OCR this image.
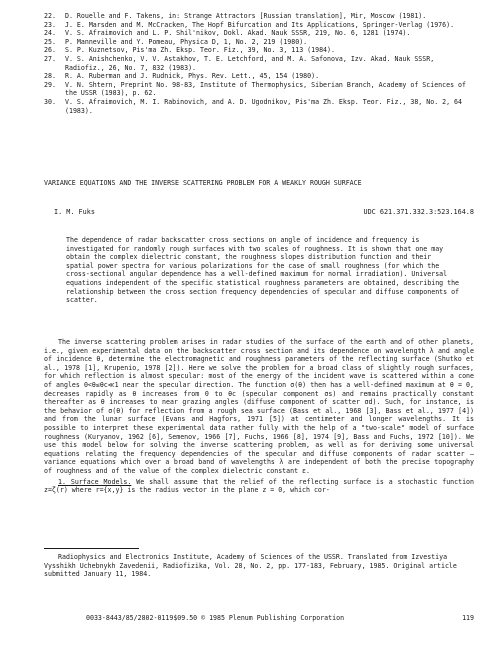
22.	D. Rouelle and F. Takens, in: Strange Attractors [Russian translation], Mir, Moscow (1981).
23.	J. E. Marsden and M. McCracken, The Hopf Bifurcation and Its Applications, Springer-Verlag (1976).
24.	V. S. Afraimovich and L. P. Shil'nikov, Dokl. Akad. Nauk SSSR, 219, No. 6, 1281 (1974).
25.	P. Manneville and Y. Pomeau, Physica D, 1, No. 2, 219 (1980).
26.	S. P. Kuznetsov, Pis'ma Zh. Eksp. Teor. Fiz., 39, No. 3, 113 (1984).
27.	V. S. Anishchenko, V. V. Astakhov, T. E. Letchford, and M. A. Safonova, Izv. Akad. Nauk SSSR, Radiofiz., 26, No. 7, 832 (1983).
28.	R. A. Ruberman and J. Rudnick, Phys. Rev. Lett., 45, 154 (1980).
29.	V. N. Shtern, Preprint No. 98-83, Institute of Thermophysics, Siberian Branch, Academy of Sciences of the USSR (1983), p. 62.
30.	V. S. Afraimovich, M. I. Rabinovich, and A. D. Ugodnikov, Pis'ma Zh. Eksp. Teor. Fiz., 38, No. 2, 64 (1983).
VARIANCE EQUATIONS AND THE INVERSE SCATTERING PROBLEM FOR A WEAKLY ROUGH SURFACE
I. M. Fuks	UDC 621.371.332.3:523.164.8
The dependence of radar backscatter cross sections on angle of incidence and frequency is investigated for randomly rough surfaces with two scales of roughness. It is shown that one may obtain the complex dielectric constant, the roughness slopes distribution function and their spatial power spectra for various polarizations for the case of small roughness (for which the cross-sectional angular dependence has a well-defined maximum for normal irradiation). Universal equations independent of the specific statistical roughness parameters are obtained, describing the relationship between the cross section frequency dependencies of specular and diffuse components of scatter.

The inverse scattering problem arises in radar studies of the surface of the earth and of other planets, i.e., given experimental data on the backscatter cross section and its dependence on wavelength λ and angle of incidence θ, determine the electromagnetic and roughness parameters of the reflecting surface (Shutko et al., 1978 [1], Krupenio, 1978 [2]). Here we solve the problem for a broad class of slightly rough surfaces, for which reflection is almost specular: most of the energy of the incident wave is scattered within a cone of angles 0<θ≤θc≪1 near the specular direction. The function σ(θ) then has a well-defined maximum at θ = 0, decreases rapidly as θ increases from 0 to θc (specular component σs) and remains practically constant thereafter as θ increases to near grazing angles (diffuse component of scatter σd). Such, for instance, is the behavior of σ(θ) for reflection from a rough sea surface (Bass et al., 1968 [3], Bass et al., 1977 [4]) and from the lunar surface (Evans and Hagfors, 1971 [5]) at centimeter and longer wavelengths. It is possible to interpret these experimental data rather fully with the help of a "two-scale" model of surface roughness (Kuryanov, 1962 [6], Semenov, 1966 [7], Fuchs, 1966 [8], 1974 [9], Bass and Fuchs, 1972 [10]). We use this model below for solving the inverse scattering problem, as well as for deriving some universal equations relating the frequency dependencies of the specular and diffuse components of radar scatter — variance equations which over a broad band of wavelengths λ are independent of both the precise topography of roughness and of the value of the complex dielectric constant ε.

1. Surface Models. We shall assume that the relief of the reflecting surface is a stochastic function z=ζ(r) where r={x,y} is the radius vector in the plane z = 0, which cor-

Radiophysics and Electronics Institute, Academy of Sciences of the USSR. Translated from Izvestiya Vysshikh Uchebnykh Zavedenii, Radiofizika, Vol. 28, No. 2, pp. 177-183, February, 1985. Original article submitted January 11, 1984.

0033-8443/85/2802-0119$09.50 © 1985 Plenum Publishing Corporation	119
